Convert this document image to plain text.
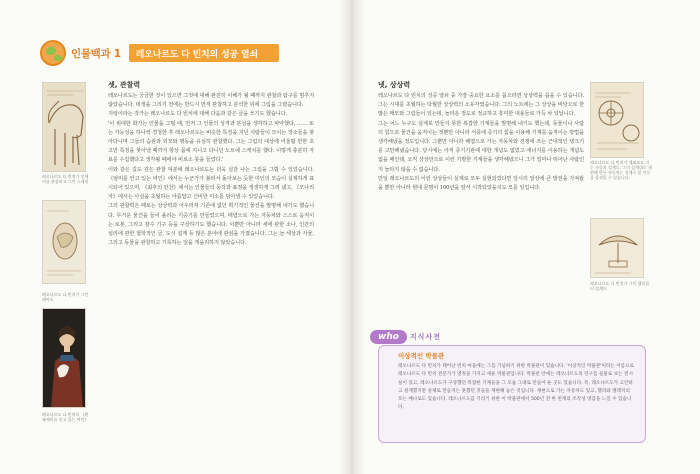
인물백과 1 레오나르도 다 빈치의 성공 열쇠
레오나르도 다 빈치가 인체비를 관찰하고 그린 스케치
레오나르도 다 빈치가 그린 태아도
레오나르도 다 빈치의 《흰족제비를 안고 있는 여인》
셋, 관찰력

레오나르도는 궁금한 것이 있으면 그것에 대해 완전히 이해가 될 때까지 관찰과 탐구를 멈추지 않았습니다. 데생을 그리기 전에는 반드시 먼저 관찰하고 분석한 뒤에 그림을 그렸습니다.

지렁이라는 작가는 레오나르도 다 빈치에 대해 다음과 같은 글을 쓰기도 했습니다.

'이 위대한 화가는 인물을 그릴 때, 먼저 그 인물의 성격과 본성을 생각하고 파악했다. …… 또는 가능성을 하나씩 경청한 후 레오나르도는 비슷한 특징을 지닌 사람들이 모이는 장소들을 찾아다니며 그들의 습관과 외모와 행동을 유심히 관찰했다. 그는 그림의 대상에 어울릴 만한 초고만 특징을 찾아낼 때까지 항상 몸에 지니고 다니던 노트에 스케치를 했다. 이렇게 충분히 자료를 수집했다고 생각될 때에야 비로소 붓을 들었다.'

이와 같은 길도 깊은 관찰 덕분에 레오나르도는 더욱 실감 나는 그림을 그릴 수 있었습니다. 《암미를 안고 있는 여인》에서는 누군가가 불러서 돌아보는 듯한 여인의 모습이 실제하게 표시되어 있으며, 《최후의 만찬》에서는 인물들의 동작과 표정을 생생하게 그려 냈고, 《모나리자》에서는 사실을 초월하는 아름답고 신비한 미소를 담아낼 수 있었습니다.

그의 관찰력은 때로는 상상력과 어우러져 기존에 없던 획기적인 물건을 발명해 내기도 했습니다. 무거운 물건을 들어 올리는 기중기를 만들었으며, 태엽으로 가는 자동차와 스스로 움직이는 로봇, 그리고 잠수 기구 등을 구상하기도 했습니다. 이뿐만 아니라 새에 관한 소나, 인간의 심리에 관한 철학적인 글, 도시 설계 등 많은 분야에 관심을 가졌습니다. 그는 늘 세상과 사물, 그리고 동물을 관찰하고 기록하는 일을 게을리하지 않았습니다.

넷, 상상력

레오나르도 다 빈치의 성공 열쇠 중 가장 중요한 요소를 꼽으라면 상상력을 꼽을 수 있습니다. 그는 시대를 초월하는 탁월한 상상력의 소유자였습니다. 그의 노트에는 그 상상을 바탕으로 한 많은 메모와 그림들이 있는데, 놀라운 정도로 정교하고 흥미한 내용들로 가득 차 있답니다.

그는 어느 누구도 실제로 만들지 못한 복잡한 기계들을 발명해 내기도 했는데, 동물이나 사람의 힘으로 물건을 움직이는 것뿐만 아니라 서풍에 증기의 힘을 이용해 기계를 움직이는 방법을 생각해냈을 정도입니다. 그뿐만 아니라 해엽으로 가는 자동차와 전쟁에 쓰는 근대적인 탱크기를 고안해냈습니다. 당시에는 아직 증기기관에 대한 개념도 없었고 에너지를 이용하는 개념도 없을 때인데, 오직 상상만으로 이런 기발한 기계들을 생각해냈으니 그가 얼마나 뛰어난 사람인지 놀라지 않을 수 없습니다.

만일 레오나르도의 이런 상상들이 실제로 모두 실현되었다면 당시의 일상에 큰 발전을 가져왔을 뿐만 아니라 현대 문명이 100년을 앞서 시작되었을지도 모를 일입니다.

레오나르도 다 빈치가 제뢰보도 기는 자동차 설계도. 그의 설계대로 재현해 만든 자동차는 실제로 잘 이동을 움직일 수 있습니다.
레오나르도 다 빈치가 그린 헬리콥터 설계도
who	지식사전
이상적인 박물관
레오나르도 다 빈치가 태어난 빈치 마을에는 그를 기념하기 위한 박물관이 있습니다. '이상적인 박물관'이라는 이름으로 레오나르도 다 빈치 전문가가 열정을 가지고 세운 박물관입니다. 박물관 안에는 레오나르도의 연구를 실물로 보는 전시실이 있고, 레오나르도가 구상했던 복잡한 기계들을 그 모습 그대로 만들어 둔 곳도 있습니다. 특, 레오나르도가 고안하고 설계했지만 실제로 만들지는 못했던 것들을 재현해 놓은 것입니다. 재현으로 가는 자동차도 있고, 헬리와 엘레지의 모는 배나로도 있습니다. 레오나르도를 기리기 위한 이 박물관에서 500년 전 한 천재의 조각성 영감을 느낄 수 있습니다.
